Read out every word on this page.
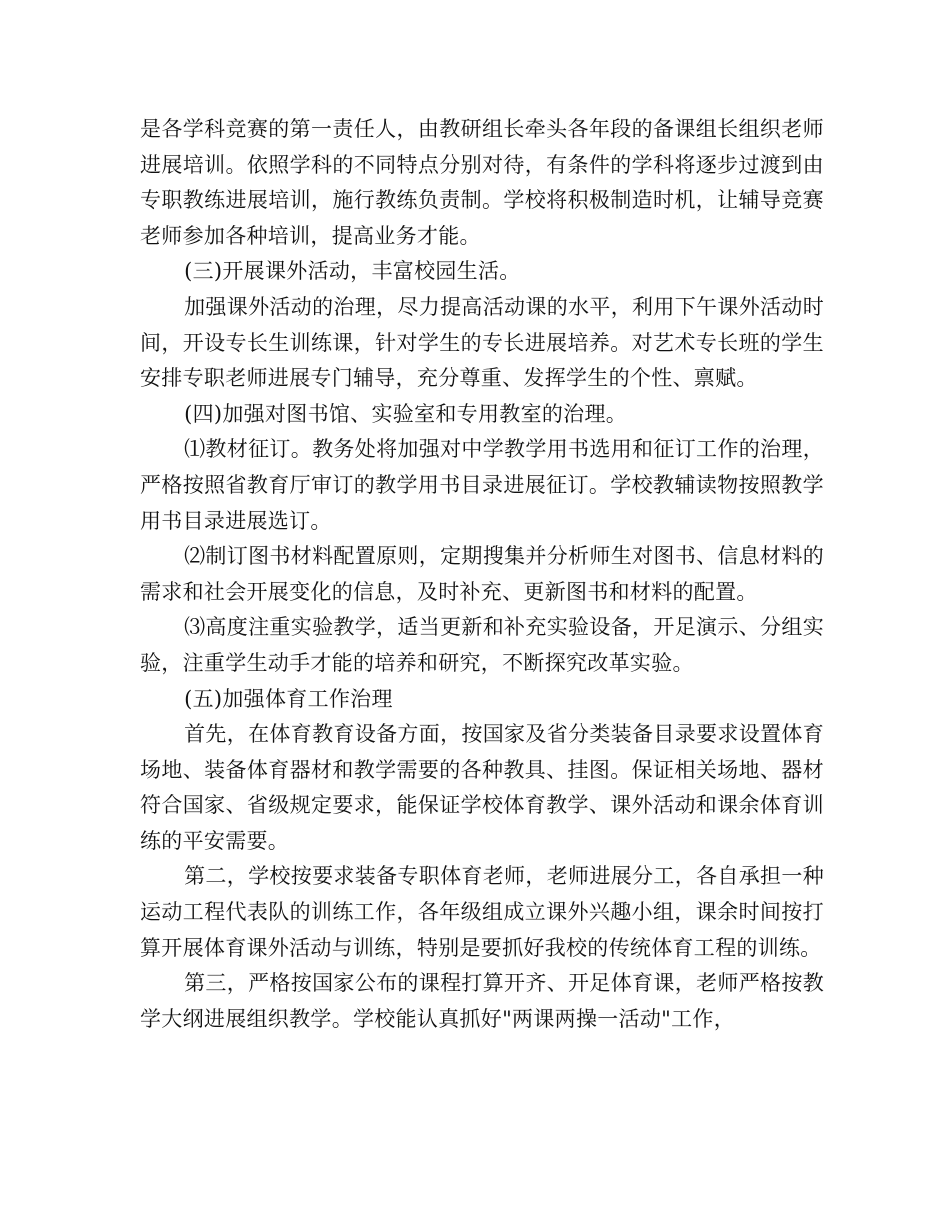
是各学科竞赛的第一责任人，由教研组长牵头各年段的备课组长组织老师进展培训。依照学科的不同特点分别对待，有条件的学科将逐步过渡到由专职教练进展培训，施行教练负责制。学校将积极制造时机，让辅导竞赛老师参加各种培训，提高业务才能。

(三)开展课外活动，丰富校园生活。

加强课外活动的治理，尽力提高活动课的水平，利用下午课外活动时间，开设专长生训练课，针对学生的专长进展培养。对艺术专长班的学生安排专职老师进展专门辅导，充分尊重、发挥学生的个性、禀赋。

(四)加强对图书馆、实验室和专用教室的治理。

⑴教材征订。教务处将加强对中学教学用书选用和征订工作的治理，严格按照省教育厅审订的教学用书目录进展征订。学校教辅读物按照教学用书目录进展选订。

⑵制订图书材料配置原则，定期搜集并分析师生对图书、信息材料的需求和社会开展变化的信息，及时补充、更新图书和材料的配置。

⑶高度注重实验教学，适当更新和补充实验设备，开足演示、分组实验，注重学生动手才能的培养和研究，不断探究改革实验。

(五)加强体育工作治理

首先，在体育教育设备方面，按国家及省分类装备目录要求设置体育场地、装备体育器材和教学需要的各种教具、挂图。保证相关场地、器材符合国家、省级规定要求，能保证学校体育教学、课外活动和课余体育训练的平安需要。

第二，学校按要求装备专职体育老师，老师进展分工，各自承担一种运动工程代表队的训练工作，各年级组成立课外兴趣小组，课余时间按打算开展体育课外活动与训练，特别是要抓好我校的传统体育工程的训练。

第三，严格按国家公布的课程打算开齐、开足体育课，老师严格按教学大纲进展组织教学。学校能认真抓好"两课两操一活动"工作，
